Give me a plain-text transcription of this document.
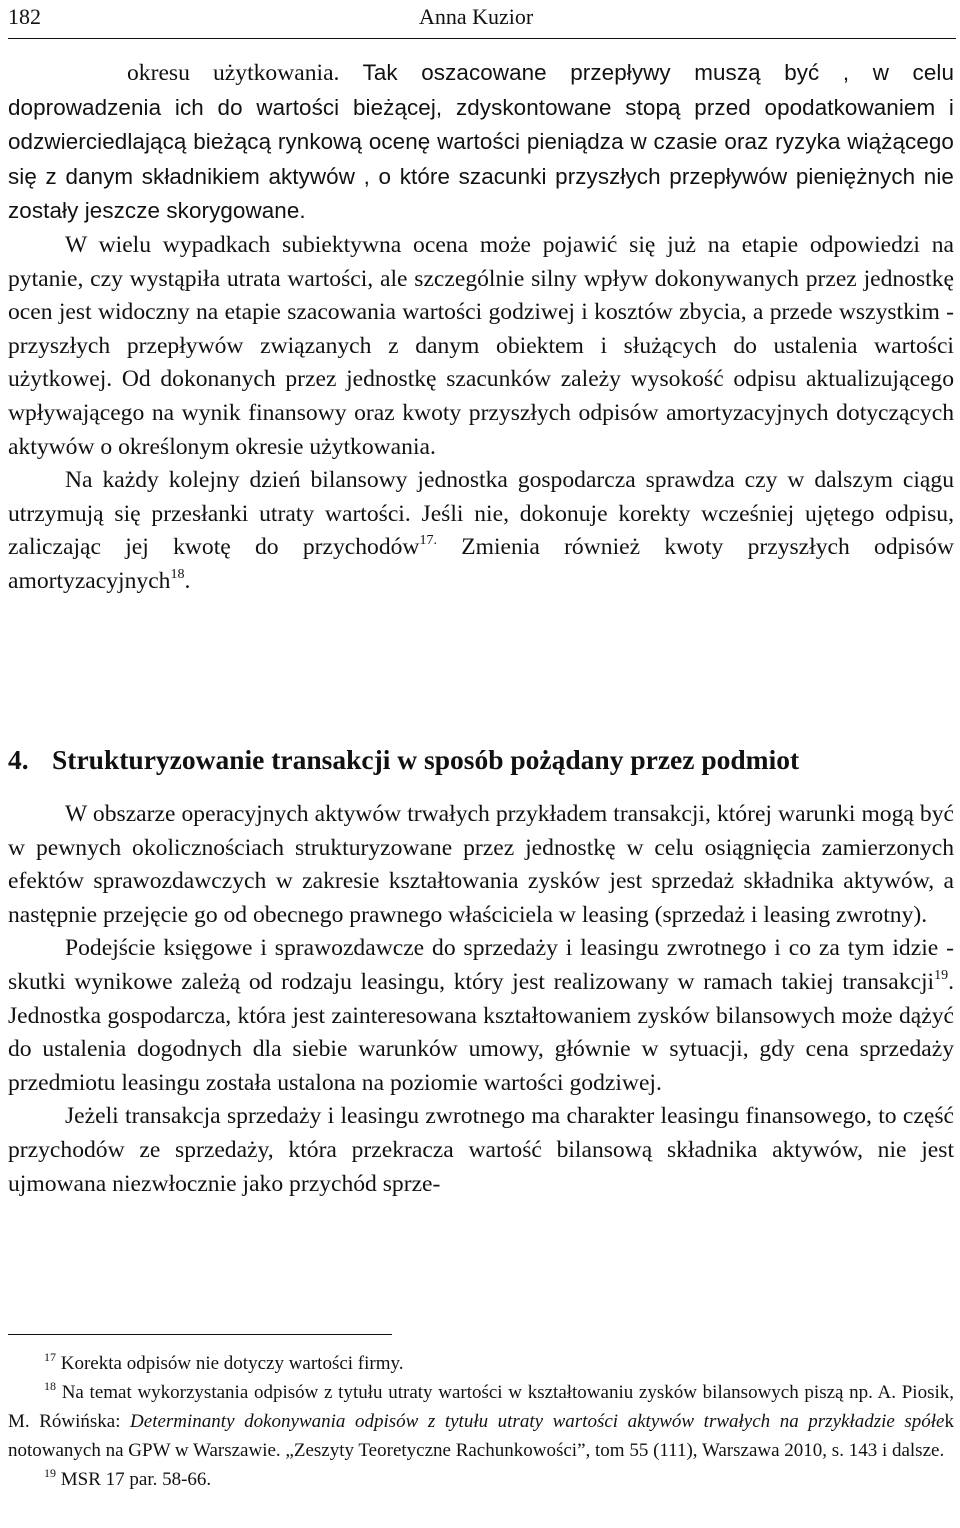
182	Anna Kuzior

okresu użytkowania. Tak oszacowane przepływy muszą być , w celu doprowadzenia ich do wartości bieżącej, zdyskontowane stopą przed opodatkowaniem i odzwierciedlającą bieżącą rynkową ocenę wartości pieniądza w czasie oraz ryzyka wiążącego się z danym składnikiem aktywów , o które szacunki przyszłych przepływów pieniężnych nie zostały jeszcze skorygowane.

W wielu wypadkach subiektywna ocena może pojawić się już na etapie odpowiedzi na pytanie, czy wystąpiła utrata wartości, ale szczególnie silny wpływ dokonywanych przez jednostkę ocen jest widoczny na etapie szacowania wartości godziwej i kosztów zbycia, a przede wszystkim - przyszłych przepływów związanych z danym obiektem i służących do ustalenia wartości użytkowej. Od dokonanych przez jednostkę szacunków zależy wysokość odpisu aktualizującego wpływającego na wynik finansowy oraz kwoty przyszłych odpisów amortyzacyjnych dotyczących aktywów o określonym okresie użytkowania.

Na każdy kolejny dzień bilansowy jednostka gospodarcza sprawdza czy w dalszym ciągu utrzymują się przesłanki utraty wartości. Jeśli nie, dokonuje korekty wcześniej ujętego odpisu, zaliczając jej kwotę do przychodów$^{17.}$ Zmienia również kwoty przyszłych odpisów amortyzacyjnych$^{18}$.

4. Strukturyzowanie transakcji w sposób pożądany przez podmiot

W obszarze operacyjnych aktywów trwałych przykładem transakcji, której warunki mogą być w pewnych okolicznościach strukturyzowane przez jednostkę w celu osiągnięcia zamierzonych efektów sprawozdawczych w zakresie kształtowania zysków jest sprzedaż składnika aktywów, a następnie przejęcie go od obecnego prawnego właściciela w leasing (sprzedaż i leasing zwrotny).

Podejście księgowe i sprawozdawcze do sprzedaży i leasingu zwrotnego i co za tym idzie - skutki wynikowe zależą od rodzaju leasingu, który jest realizowany w ramach takiej transakcji$^{19}$. Jednostka gospodarcza, która jest zainteresowana kształtowaniem zysków bilansowych może dążyć do ustalenia dogodnych dla siebie warunków umowy, głównie w sytuacji, gdy cena sprzedaży przedmiotu leasingu została ustalona na poziomie wartości godziwej.

Jeżeli transakcja sprzedaży i leasingu zwrotnego ma charakter leasingu finansowego, to część przychodów ze sprzedaży, która przekracza wartość bilansową składnika aktywów, nie jest ujmowana niezwłocznie jako przychód sprze-

$^{17}$ Korekta odpisów nie dotyczy wartości firmy.

$^{18}$ Na temat wykorzystania odpisów z tytułu utraty wartości w kształtowaniu zysków bilansowych piszą np. A. Piosik, M. Rówińska: Determinanty dokonywania odpisów z tytułu utraty wartości aktywów trwałych na przykładzie spółek notowanych na GPW w Warszawie. „Zeszyty Teoretyczne Rachunkowości”, tom 55 (111), Warszawa 2010, s. 143 i dalsze.

$^{19}$ MSR 17 par. 58-66.
